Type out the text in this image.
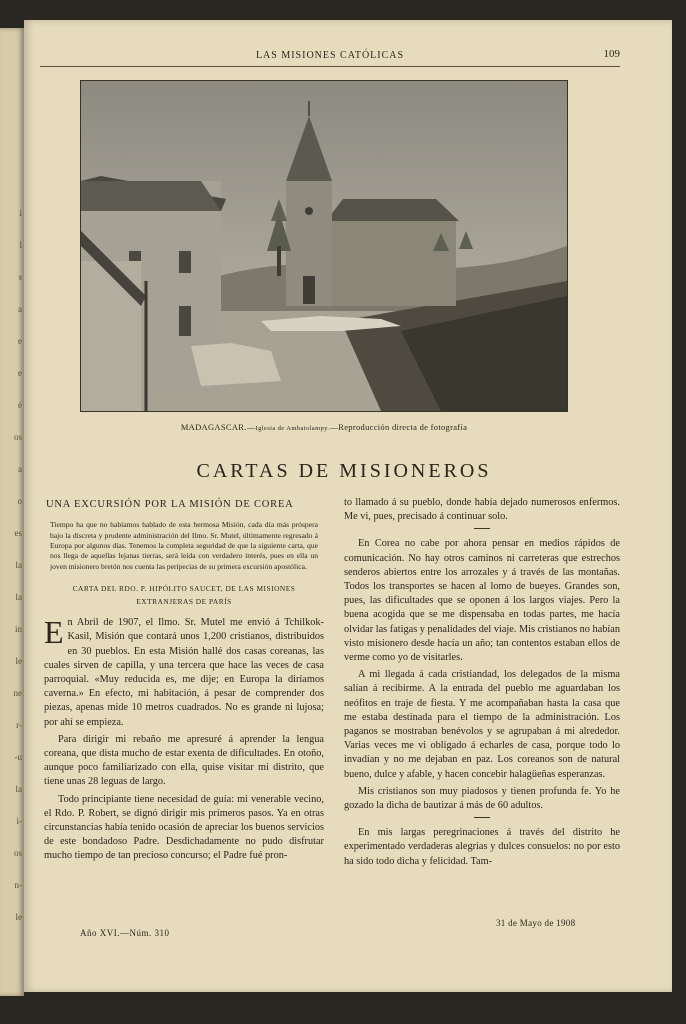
i
l
s
a
e
e
é
os
a
o
es
la
la
in
le
ne
r-
-u
la
i-
os
n-
le
LAS MISIONES CATÓLICAS	109
MADAGASCAR.—Iglesia de Ambatolampy.—Reproducción directa de fotografía
CARTAS DE MISIONEROS
UNA EXCURSIÓN POR LA MISIÓN DE COREA
Tiempo ha que no habíamos hablado de esta hermosa Misión, cada día más próspera bajo la discreta y prudente administración del Ilmo. Sr. Mutel, últimamente regresado á Europa por algunos días. Tenemos la completa seguridad de que la siguiente carta, que nos llega de aquellas lejanas tierras, será leída con verdadero interés, pues en ella un joven misionero bretón nos cuenta las peripecias de su primera excursión apostólica.
CARTA DEL RDO. P. HIPÓLITO SAUCET, DE LAS MISIONES
EXTRANJERAS DE PARÍS

En Abril de 1907, el Ilmo. Sr. Mutel me envió á Tchilkok-Kasil, Misión que contará unos 1,200 cristianos, distribuidos en 30 pueblos. En esta Misión hallé dos casas coreanas, las cuales sirven de capilla, y una tercera que hace las veces de casa parroquial. «Muy reducida es, me dije; en Europa la diríamos caverna.» En efecto, mi habitación, á pesar de comprender dos piezas, apenas mide 10 metros cuadrados. No es grande ni lujosa; por ahí se empieza.

Para dirigir mi rebaño me apresuré á aprender la lengua coreana, que dista mucho de estar exenta de dificultades. En otoño, aunque poco familiarizado con ella, quise visitar mi distrito, que tiene unas 28 leguas de largo.

Todo principiante tiene necesidad de guía: mi venerable vecino, el Rdo. P. Robert, se dignó dirigir mis primeros pasos. Ya en otras circunstancias había tenido ocasión de apreciar los buenos servicios de este bondadoso Padre. Desdichadamente no pudo disfrutar mucho tiempo de tan precioso concurso; el Padre fué pron-

to llamado á su pueblo, donde había dejado numerosos enfermos. Me vi, pues, precisado á continuar solo.

En Corea no cabe por ahora pensar en medios rápidos de comunicación. No hay otros caminos ni carreteras que estrechos senderos abiertos entre los arrozales y á través de las montañas. Todos los transportes se hacen al lomo de bueyes. Grandes son, pues, las dificultades que se oponen á los largos viajes. Pero la buena acogida que se me dispensaba en todas partes, me hacía olvidar las fatigas y penalidades del viaje. Mis cristianos no habían visto misionero desde hacía un año; tan contentos estaban ellos de verme como yo de visitarles.

A mi llegada á cada cristiandad, los delegados de la misma salían á recibirme. A la entrada del pueblo me aguardaban los neófitos en traje de fiesta. Y me acompañaban hasta la casa que me estaba destinada para el tiempo de la administración. Los paganos se mostraban benévolos y se agrupaban á mi alrededor. Varias veces me vi obligado á echarles de casa, porque todo lo invadían y no me dejaban en paz. Los coreanos son de natural bueno, dulce y afable, y hacen concebir halagüeñas esperanzas.

Mis cristianos son muy piadosos y tienen profunda fe. Yo he gozado la dicha de bautizar á más de 60 adultos.

En mis largas peregrinaciones á través del distrito he experimentado verdaderas alegrías y dulces consuelos: no por esto ha sido todo dicha y felicidad. Tam-

Año XVI.—Núm. 310
31 de Mayo de 1908
